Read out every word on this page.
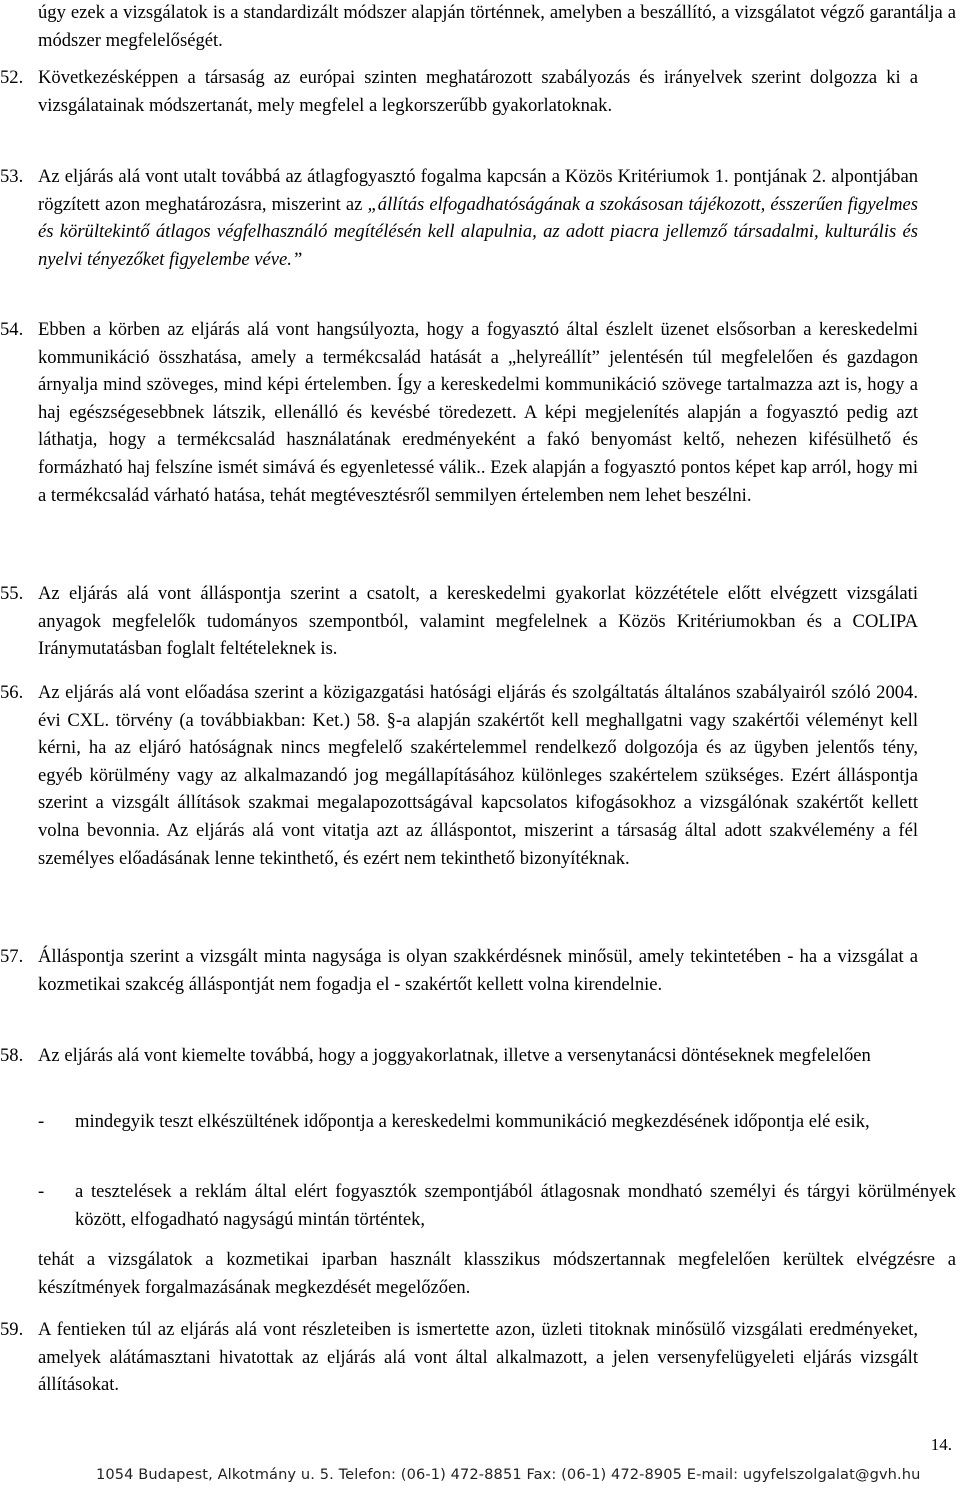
úgy ezek a vizsgálatok is a standardizált módszer alapján történnek, amelyben a beszállító, a vizsgálatot végző garantálja a módszer megfelelőségét.
52. Következésképpen a társaság az európai szinten meghatározott szabályozás és irányelvek szerint dolgozza ki a vizsgálatainak módszertanát, mely megfelel a legkorszerűbb gyakorlatoknak.
53. Az eljárás alá vont utalt továbbá az átlagfogyasztó fogalma kapcsán a Közös Kritériumok 1. pontjának 2. alpontjában rögzített azon meghatározásra, miszerint az „állítás elfogadhatóságának a szokásosan tájékozott, ésszerűen figyelmes és körültekintő átlagos végfelhasználó megítélésén kell alapulnia, az adott piacra jellemző társadalmi, kulturális és nyelvi tényezőket figyelembe véve.”
54. Ebben a körben az eljárás alá vont hangsúlyozta, hogy a fogyasztó által észlelt üzenet elsősorban a kereskedelmi kommunikáció összhatása, amely a termékcsalád hatását a „helyreállít” jelentésén túl megfelelően és gazdagon árnyalja mind szöveges, mind képi értelemben. Így a kereskedelmi kommunikáció szövege tartalmazza azt is, hogy a haj egészségesebbnek látszik, ellenálló és kevésbé töredezett. A képi megjelenítés alapján a fogyasztó pedig azt láthatja, hogy a termékcsalád használatának eredményeként a fakó benyomást keltő, nehezen kifésülhető és formázható haj felszíne ismét simává és egyenletessé válik.. Ezek alapján a fogyasztó pontos képet kap arról, hogy mi a termékcsalád várható hatása, tehát megtévesztésről semmilyen értelemben nem lehet beszélni.
55. Az eljárás alá vont álláspontja szerint a csatolt, a kereskedelmi gyakorlat közzététele előtt elvégzett vizsgálati anyagok megfelelők tudományos szempontból, valamint megfelelnek a Közös Kritériumokban és a COLIPA Iránymutatásban foglalt feltételeknek is.
56. Az eljárás alá vont előadása szerint a közigazgatási hatósági eljárás és szolgáltatás általános szabályairól szóló 2004. évi CXL. törvény (a továbbiakban: Ket.) 58. §-a alapján szakértőt kell meghallgatni vagy szakértői véleményt kell kérni, ha az eljáró hatóságnak nincs megfelelő szakértelemmel rendelkező dolgozója és az ügyben jelentős tény, egyéb körülmény vagy az alkalmazandó jog megállapításához különleges szakértelem szükséges. Ezért álláspontja szerint a vizsgált állítások szakmai megalapozottságával kapcsolatos kifogásokhoz a vizsgálónak szakértőt kellett volna bevonnia. Az eljárás alá vont vitatja azt az álláspontot, miszerint a társaság által adott szakvélemény a fél személyes előadásának lenne tekinthető, és ezért nem tekinthető bizonyítéknak.
57. Álláspontja szerint a vizsgált minta nagysága is olyan szakkérdésnek minősül, amely tekintetében - ha a vizsgálat a kozmetikai szakcég álláspontját nem fogadja el - szakértőt kellett volna kirendelnie.
58. Az eljárás alá vont kiemelte továbbá, hogy a joggyakorlatnak, illetve a versenytanácsi döntéseknek megfelelően
- mindegyik teszt elkészültének időpontja a kereskedelmi kommunikáció megkezdésének időpontja elé esik,
- a tesztelések a reklám által elért fogyasztók szempontjából átlagosnak mondható személyi és tárgyi körülmények között, elfogadható nagyságú mintán történtek,
tehát a vizsgálatok a kozmetikai iparban használt klasszikus módszertannak megfelelően kerültek elvégzésre a készítmények forgalmazásának megkezdését megelőzően.
59. A fentieken túl az eljárás alá vont részleteiben is ismertette azon, üzleti titoknak minősülő vizsgálati eredményeket, amelyek alátámasztani hivatottak az eljárás alá vont által alkalmazott, a jelen versenyfelügyeleti eljárás vizsgált állításokat.
14.
1054 Budapest, Alkotmány u. 5. Telefon: (06-1) 472-8851 Fax: (06-1) 472-8905 E-mail: ugyfelszolgalat@gvh.hu
